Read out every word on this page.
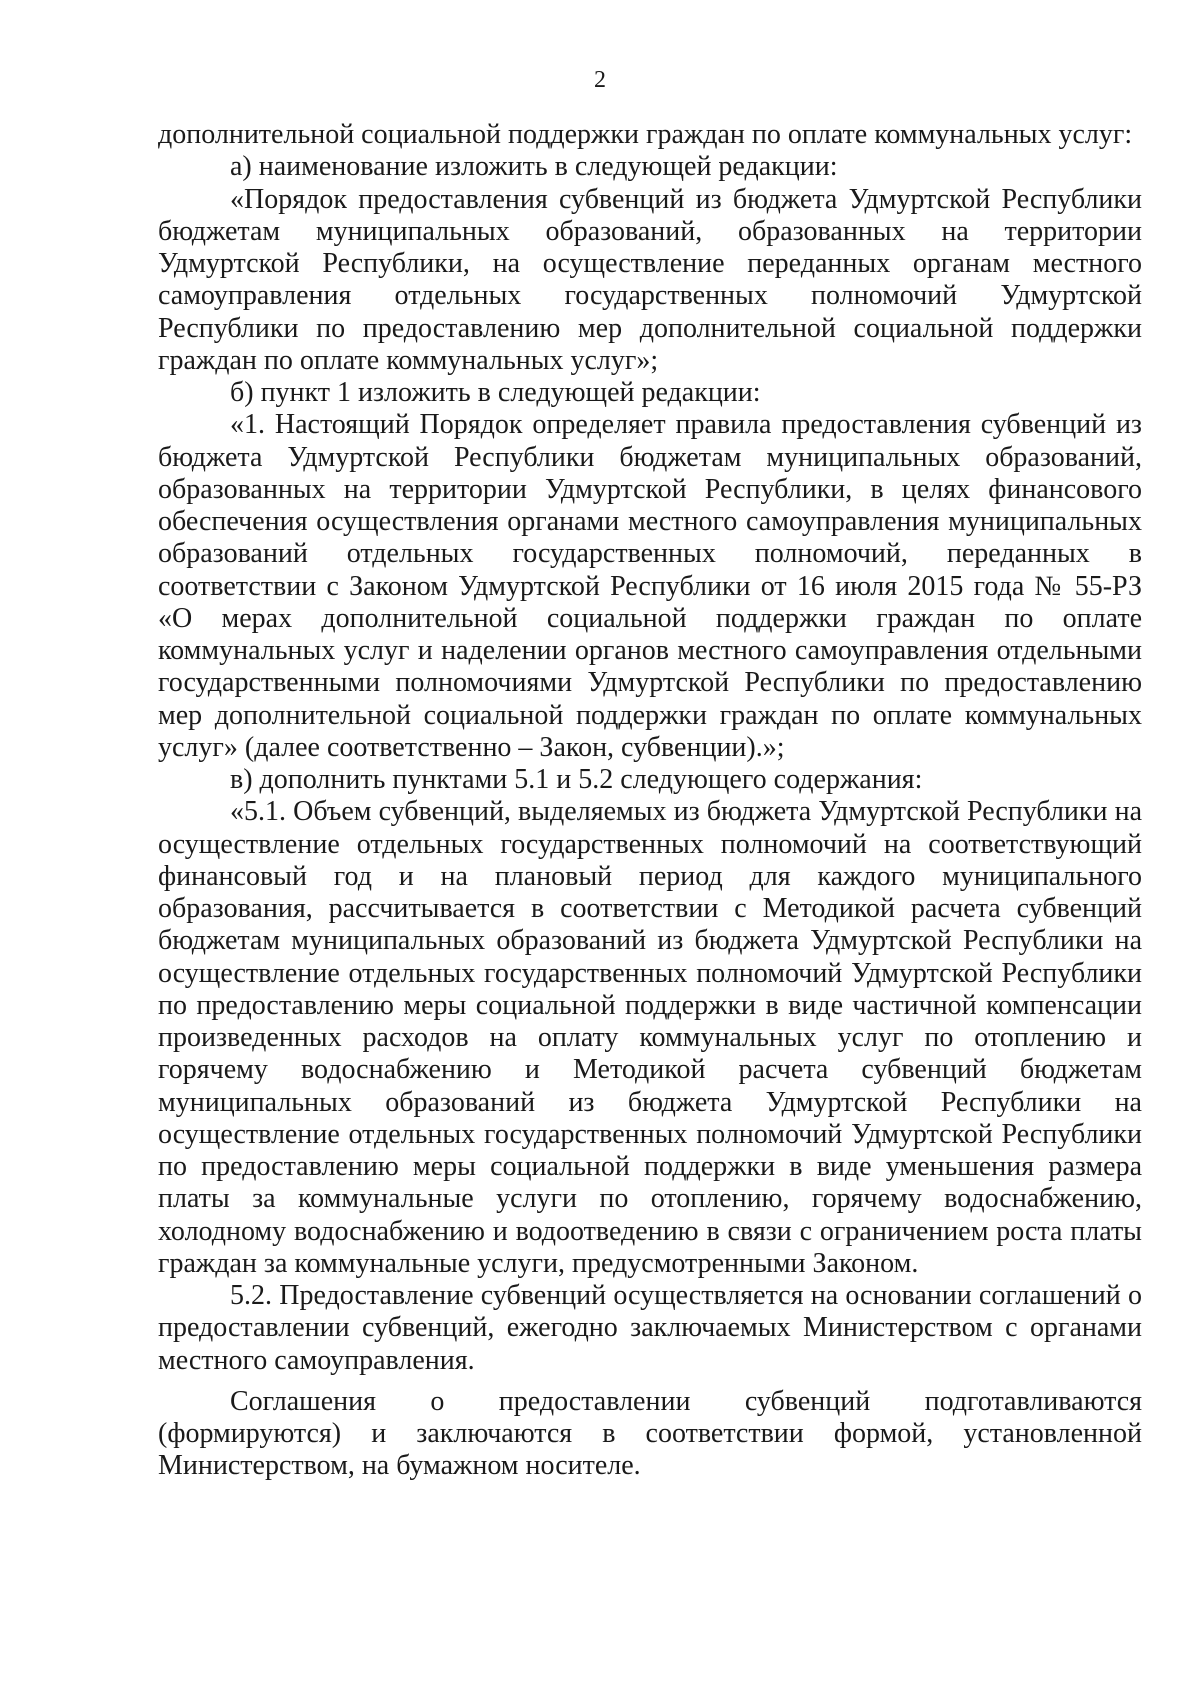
2

дополнительной социальной поддержки граждан по оплате коммунальных услуг:

а) наименование изложить в следующей редакции:

«Порядок предоставления субвенций из бюджета Удмуртской Республики бюджетам муниципальных образований, образованных на территории Удмуртской Республики, на осуществление переданных органам местного самоуправления отдельных государственных полномочий Удмуртской Республики по предоставлению мер дополнительной социальной поддержки граждан по оплате коммунальных услуг»;

б) пункт 1 изложить в следующей редакции:

«1. Настоящий Порядок определяет правила предоставления субвенций из бюджета Удмуртской Республики бюджетам муниципальных образований, образованных на территории Удмуртской Республики, в целях финансового обеспечения осуществления органами местного самоуправления муниципальных образований отдельных государственных полномочий, переданных в соответствии с Законом Удмуртской Республики от 16 июля 2015 года № 55-РЗ «О мерах дополнительной социальной поддержки граждан по оплате коммунальных услуг и наделении органов местного самоуправления отдельными государственными полномочиями Удмуртской Республики по предоставлению мер дополнительной социальной поддержки граждан по оплате коммунальных услуг» (далее соответственно – Закон, субвенции).»;

в) дополнить пунктами 5.1 и 5.2 следующего содержания:

«5.1. Объем субвенций, выделяемых из бюджета Удмуртской Республики на осуществление отдельных государственных полномочий на соответствующий финансовый год и на плановый период для каждого муниципального образования, рассчитывается в соответствии с Методикой расчета субвенций бюджетам муниципальных образований из бюджета Удмуртской Республики на осуществление отдельных государственных полномочий Удмуртской Республики по предоставлению меры социальной поддержки в виде частичной компенсации произведенных расходов на оплату коммунальных услуг по отоплению и горячему водоснабжению и Методикой расчета субвенций бюджетам муниципальных образований из бюджета Удмуртской Республики на осуществление отдельных государственных полномочий Удмуртской Республики по предоставлению меры социальной поддержки в виде уменьшения размера платы за коммунальные услуги по отоплению, горячему водоснабжению, холодному водоснабжению и водоотведению в связи с ограничением роста платы граждан за коммунальные услуги, предусмотренными Законом.

5.2. Предоставление субвенций осуществляется на основании соглашений о предоставлении субвенций, ежегодно заключаемых Министерством с органами местного самоуправления.

Соглашения о предоставлении субвенций подготавливаются (формируются) и заключаются в соответствии формой, установленной Министерством, на бумажном носителе.
